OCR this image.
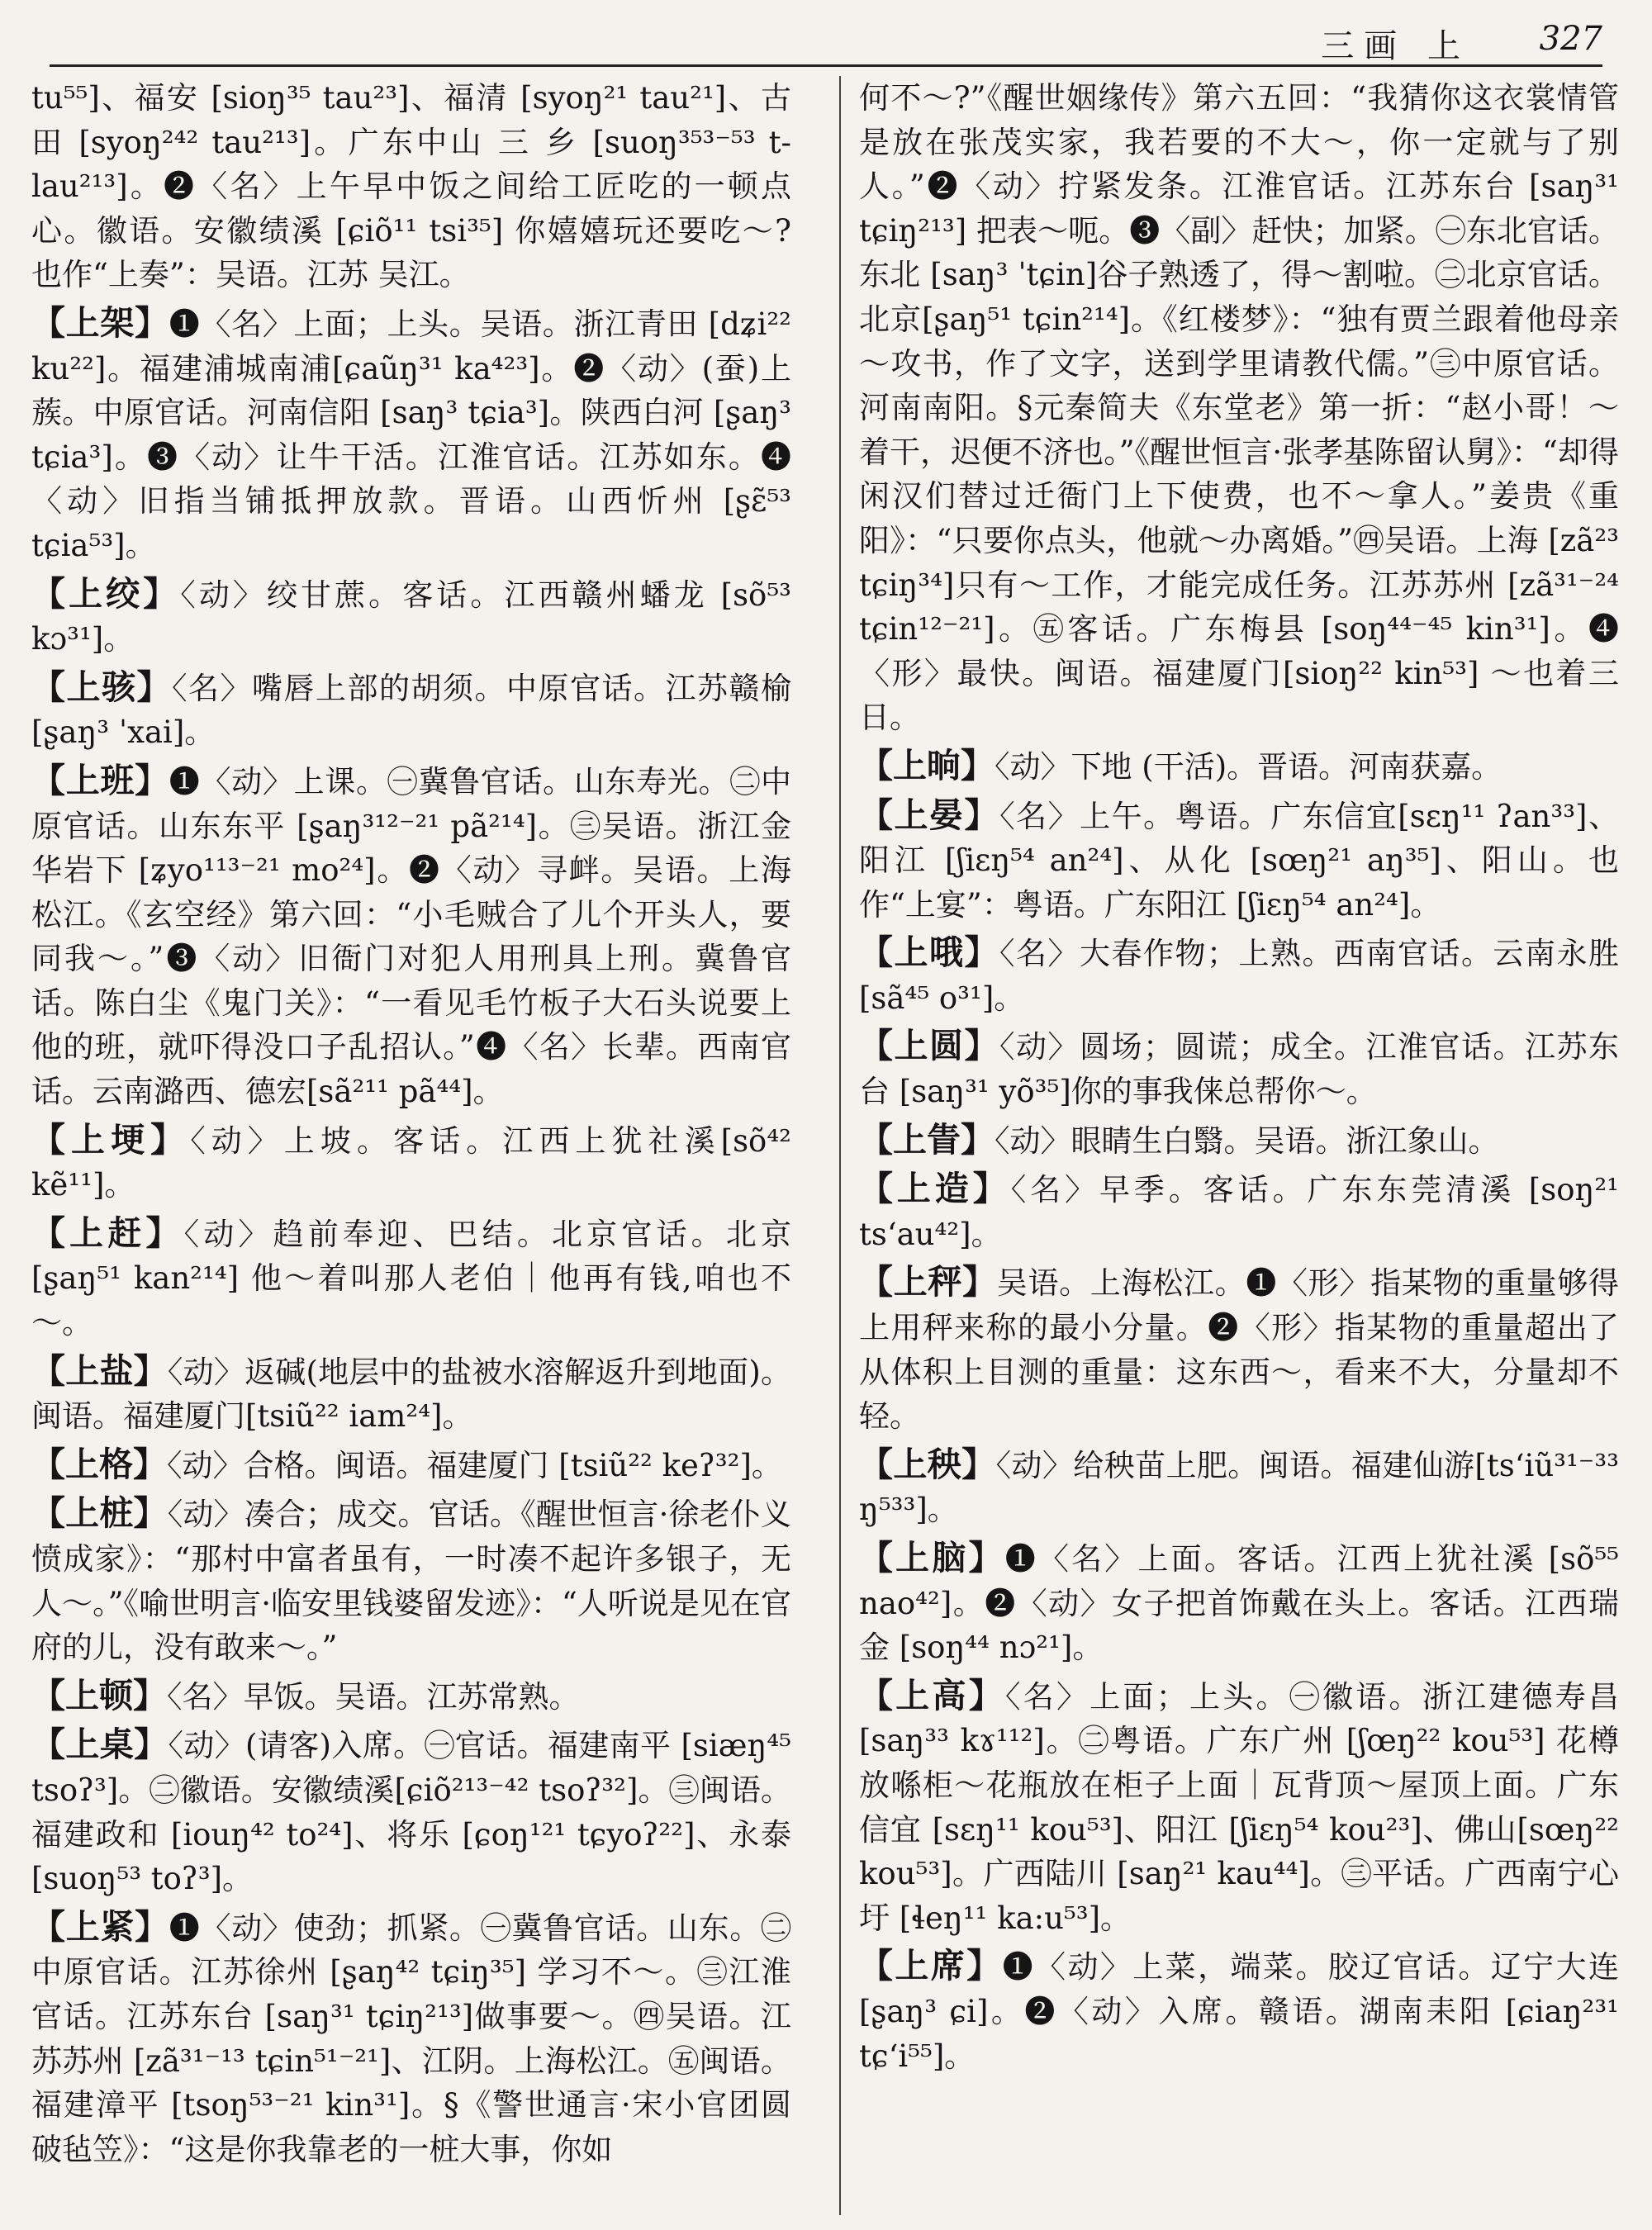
三画 上 327

tu⁵⁵]、福安 [sioŋ³⁵ tau²³]、福清 [syoŋ²¹ tau²¹]、古田 [syoŋ²⁴² tau²¹³]。广东中山 三 乡 [suoŋ³⁵³⁻⁵³ t-lau²¹³]。❷〈名〉上午早中饭之间给工匠吃的一顿点心。徽语。安徽绩溪 [ɕiõ¹¹ tsi³⁵] 你嬉嬉玩还要吃～? 也作“上奏”：吴语。江苏 吴江。

【上架】❶〈名〉上面；上头。吴语。浙江青田 [dʑi²² ku²²]。福建浦城南浦[ɕaũŋ³¹ ka⁴²³]。❷〈动〉(蚕)上蔟。中原官话。河南信阳 [saŋ³ tɕia³]。陕西白河 [ʂaŋ³ tɕia³]。❸〈动〉让牛干活。江淮官话。江苏如东。❹〈动〉旧指当铺抵押放款。晋语。山西忻州 [ʂɛ̃⁵³ tɕia⁵³]。

【上绞】〈动〉绞甘蔗。客话。江西赣州蟠龙 [sõ⁵³ kɔ³¹]。

【上骇】〈名〉嘴唇上部的胡须。中原官话。江苏赣榆 [ʂaŋ³ ˈxai]。

【上班】❶〈动〉上课。㊀冀鲁官话。山东寿光。㊁中原官话。山东东平 [ʂaŋ³¹²⁻²¹ pã²¹⁴]。㊂吴语。浙江金华岩下 [ʑyo¹¹³⁻²¹ mo²⁴]。❷〈动〉寻衅。吴语。上海松江。《玄空经》第六回：“小毛贼合了儿个开头人，要同我～。”❸〈动〉旧衙门对犯人用刑具上刑。冀鲁官话。陈白尘《鬼门关》：“一看见毛竹板子大石头说要上他的班，就吓得没口子乱招认。”❹〈名〉长辈。西南官话。云南潞西、德宏[sã²¹¹ pã⁴⁴]。

【上埂】〈动〉上坡。客话。江西上犹社溪[sõ⁴² kẽ¹¹]。

【上赶】〈动〉趋前奉迎、巴结。北京官话。北京[ʂaŋ⁵¹ kan²¹⁴] 他～着叫那人老伯｜他再有钱,咱也不～。

【上盐】〈动〉返碱(地层中的盐被水溶解返升到地面)。闽语。福建厦门[tsiũ²² iam²⁴]。

【上格】〈动〉合格。闽语。福建厦门 [tsiũ²² keʔ³²]。

【上桩】〈动〉凑合；成交。官话。《醒世恒言·徐老仆义愤成家》：“那村中富者虽有，一时凑不起许多银子，无人～。”《喻世明言·临安里钱婆留发迹》：“人听说是见在官府的儿，没有敢来～。”

【上顿】〈名〉早饭。吴语。江苏常熟。

【上桌】〈动〉(请客)入席。㊀官话。福建南平 [siæŋ⁴⁵ tsoʔ³]。㊁徽语。安徽绩溪[ɕiõ²¹³⁻⁴² tsoʔ³²]。㊂闽语。福建政和 [iouŋ⁴² to²⁴]、将乐 [ɕoŋ¹²¹ tɕyoʔ²²]、永泰 [suoŋ⁵³ toʔ³]。

【上紧】❶〈动〉使劲；抓紧。㊀冀鲁官话。山东。㊁中原官话。江苏徐州 [ʂaŋ⁴² tɕiŋ³⁵] 学习不～。㊂江淮官话。江苏东台 [saŋ³¹ tɕiŋ²¹³]做事要～。㊃吴语。江苏苏州 [zã³¹⁻¹³ tɕin⁵¹⁻²¹]、江阴。上海松江。㊄闽语。福建漳平 [tsoŋ⁵³⁻²¹ kin³¹]。§《警世通言·宋小官团圆破毡笠》：“这是你我靠老的一桩大事，你如

何不～?”《醒世姻缘传》第六五回：“我猜你这衣裳情管是放在张茂实家，我若要的不大～，你一定就与了别人。”❷〈动〉拧紧发条。江淮官话。江苏东台 [saŋ³¹ tɕiŋ²¹³] 把表～呃。❸〈副〉赶快；加紧。㊀东北官话。东北 [saŋ³ ˈtɕin]谷子熟透了，得～割啦。㊁北京官话。北京[ʂaŋ⁵¹ tɕin²¹⁴]。《红楼梦》：“独有贾兰跟着他母亲～攻书，作了文字，送到学里请教代儒。”㊂中原官话。河南南阳。§元秦简夫《东堂老》第一折：“赵小哥！～着干，迟便不济也。”《醒世恒言·张孝基陈留认舅》：“却得闲汉们替过迁衙门上下使费，也不～拿人。”姜贵《重阳》：“只要你点头，他就～办离婚。”㊃吴语。上海 [zã²³ tɕiŋ³⁴]只有～工作，才能完成任务。江苏苏州 [zã³¹⁻²⁴ tɕin¹²⁻²¹]。㊄客话。广东梅县 [soŋ⁴⁴⁻⁴⁵ kin³¹]。❹〈形〉最快。闽语。福建厦门[sioŋ²² kin⁵³] ～也着三日。

【上晌】〈动〉下地 (干活)。晋语。河南获嘉。

【上晏】〈名〉上午。粤语。广东信宜[sɛŋ¹¹ ʔan³³]、阳江 [ʃiɛŋ⁵⁴ an²⁴]、从化 [sœŋ²¹ aŋ³⁵]、阳山。也作“上宴”：粤语。广东阳江 [ʃiɛŋ⁵⁴ an²⁴]。

【上哦】〈名〉大春作物；上熟。西南官话。云南永胜 [sã⁴⁵ o³¹]。

【上圆】〈动〉圆场；圆谎；成全。江淮官话。江苏东台 [saŋ³¹ yõ³⁵]你的事我俫总帮你～。

【上眚】〈动〉眼睛生白翳。吴语。浙江象山。

【上造】〈名〉早季。客话。广东东莞清溪 [soŋ²¹ tsʻau⁴²]。

【上秤】吴语。上海松江。❶〈形〉指某物的重量够得上用秤来称的最小分量。❷〈形〉指某物的重量超出了从体积上目测的重量：这东西～，看来不大，分量却不轻。

【上秧】〈动〉给秧苗上肥。闽语。福建仙游[tsʻiũ³¹⁻³³ ŋ⁵³³]。

【上脑】❶〈名〉上面。客话。江西上犹社溪 [sõ⁵⁵ nao⁴²]。❷〈动〉女子把首饰戴在头上。客话。江西瑞金 [soŋ⁴⁴ nɔ²¹]。

【上高】〈名〉上面；上头。㊀徽语。浙江建德寿昌[saŋ³³ kɤ¹¹²]。㊁粤语。广东广州 [ʃœŋ²² kou⁵³] 花樽放喺柜～花瓶放在柜子上面｜瓦背顶～屋顶上面。广东信宜 [sɛŋ¹¹ kou⁵³]、阳江 [ʃiɛŋ⁵⁴ kou²³]、佛山[sœŋ²² kou⁵³]。广西陆川 [saŋ²¹ kau⁴⁴]。㊂平话。广西南宁心圩 [ɬeŋ¹¹ ka:u⁵³]。

【上席】❶〈动〉上菜，端菜。胶辽官话。辽宁大连 [ʂaŋ³ ɕi]。❷〈动〉入席。赣语。湖南耒阳 [ɕiaŋ²³¹ tɕʻi⁵⁵]。
